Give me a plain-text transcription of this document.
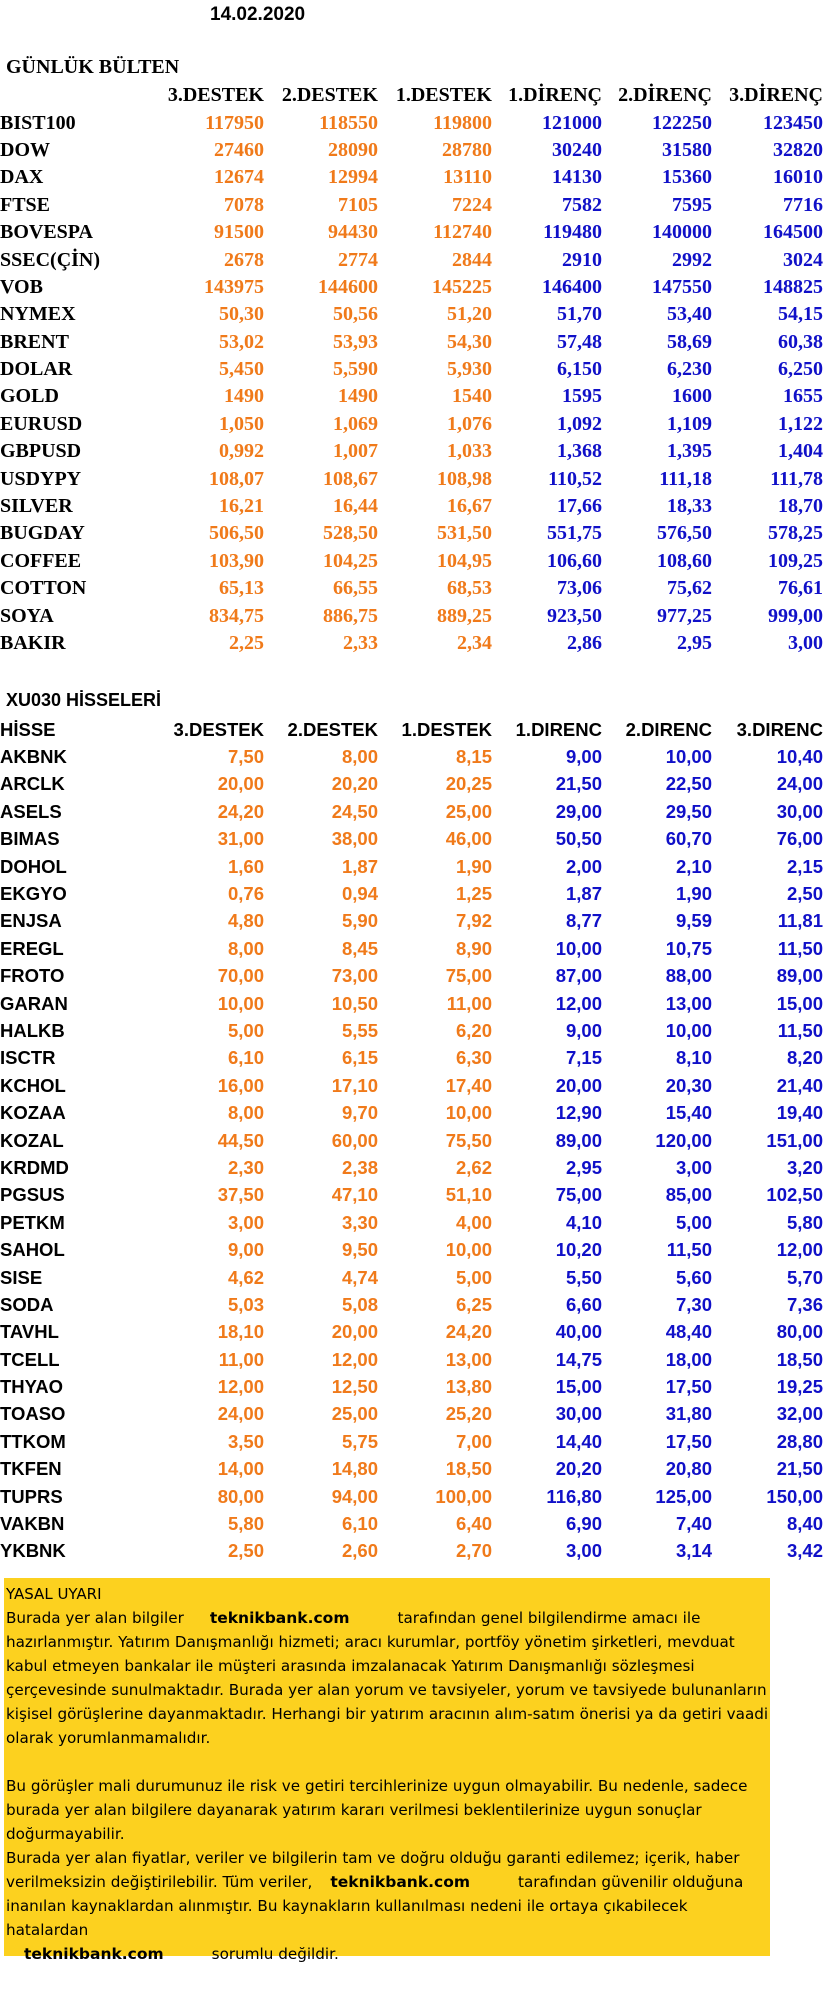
14.02.2020
GÜNLÜK BÜLTEN
	3.DESTEK	2.DESTEK	1.DESTEK	1.DİRENÇ	2.DİRENÇ	3.DİRENÇ
BIST100	117950	118550	119800	121000	122250	123450
DOW	27460	28090	28780	30240	31580	32820
DAX	12674	12994	13110	14130	15360	16010
FTSE	7078	7105	7224	7582	7595	7716
BOVESPA	91500	94430	112740	119480	140000	164500
SSEC(ÇİN)	2678	2774	2844	2910	2992	3024
VOB	143975	144600	145225	146400	147550	148825
NYMEX	50,30	50,56	51,20	51,70	53,40	54,15
BRENT	53,02	53,93	54,30	57,48	58,69	60,38
DOLAR	5,450	5,590	5,930	6,150	6,230	6,250
GOLD	1490	1490	1540	1595	1600	1655
EURUSD	1,050	1,069	1,076	1,092	1,109	1,122
GBPUSD	0,992	1,007	1,033	1,368	1,395	1,404
USDYPY	108,07	108,67	108,98	110,52	111,18	111,78
SILVER	16,21	16,44	16,67	17,66	18,33	18,70
BUGDAY	506,50	528,50	531,50	551,75	576,50	578,25
COFFEE	103,90	104,25	104,95	106,60	108,60	109,25
COTTON	65,13	66,55	68,53	73,06	75,62	76,61
SOYA	834,75	886,75	889,25	923,50	977,25	999,00
BAKIR	2,25	2,33	2,34	2,86	2,95	3,00
XU030 HİSSELERİ
HİSSE	3.DESTEK	2.DESTEK	1.DESTEK	1.DIRENC	2.DIRENC	3.DIRENC
AKBNK	7,50	8,00	8,15	9,00	10,00	10,40
ARCLK	20,00	20,20	20,25	21,50	22,50	24,00
ASELS	24,20	24,50	25,00	29,00	29,50	30,00
BIMAS	31,00	38,00	46,00	50,50	60,70	76,00
DOHOL	1,60	1,87	1,90	2,00	2,10	2,15
EKGYO	0,76	0,94	1,25	1,87	1,90	2,50
ENJSA	4,80	5,90	7,92	8,77	9,59	11,81
EREGL	8,00	8,45	8,90	10,00	10,75	11,50
FROTO	70,00	73,00	75,00	87,00	88,00	89,00
GARAN	10,00	10,50	11,00	12,00	13,00	15,00
HALKB	5,00	5,55	6,20	9,00	10,00	11,50
ISCTR	6,10	6,15	6,30	7,15	8,10	8,20
KCHOL	16,00	17,10	17,40	20,00	20,30	21,40
KOZAA	8,00	9,70	10,00	12,90	15,40	19,40
KOZAL	44,50	60,00	75,50	89,00	120,00	151,00
KRDMD	2,30	2,38	2,62	2,95	3,00	3,20
PGSUS	37,50	47,10	51,10	75,00	85,00	102,50
PETKM	3,00	3,30	4,00	4,10	5,00	5,80
SAHOL	9,00	9,50	10,00	10,20	11,50	12,00
SISE	4,62	4,74	5,00	5,50	5,60	5,70
SODA	5,03	5,08	6,25	6,60	7,30	7,36
TAVHL	18,10	20,00	24,20	40,00	48,40	80,00
TCELL	11,00	12,00	13,00	14,75	18,00	18,50
THYAO	12,00	12,50	13,80	15,00	17,50	19,25
TOASO	24,00	25,00	25,20	30,00	31,80	32,00
TTKOM	3,50	5,75	7,00	14,40	17,50	28,80
TKFEN	14,00	14,80	18,50	20,20	20,80	21,50
TUPRS	80,00	94,00	100,00	116,80	125,00	150,00
VAKBN	5,80	6,10	6,40	6,90	7,40	8,40
YKBNK	2,50	2,60	2,70	3,00	3,14	3,42

YASAL UYARI

Burada yer alan bilgiler teknikbank.com	tarafından genel bilgilendirme amacı ile

hazırlanmıştır. Yatırım Danışmanlığı hizmeti; aracı kurumlar, portföy yönetim şirketleri, mevduat

kabul etmeyen bankalar ile müşteri arasında imzalanacak Yatırım Danışmanlığı sözleşmesi

çerçevesinde sunulmaktadır. Burada yer alan yorum ve tavsiyeler, yorum ve tavsiyede bulunanların

kişisel görüşlerine dayanmaktadır. Herhangi bir yatırım aracının alım-satım önerisi ya da getiri vaadi

olarak yorumlanmamalıdır.

Bu görüşler mali durumunuz ile risk ve getiri tercihlerinize uygun olmayabilir. Bu nedenle, sadece

burada yer alan bilgilere dayanarak yatırım kararı verilmesi beklentilerinize uygun sonuçlar

doğurmayabilir.

Burada yer alan fiyatlar, veriler ve bilgilerin tam ve doğru olduğu garanti edilemez; içerik, haber

verilmeksizin değiştirilebilir. Tüm veriler, teknikbank.com	tarafından güvenilir olduğuna

inanılan kaynaklardan alınmıştır. Bu kaynakların kullanılması nedeni ile ortaya çıkabilecek hatalardan

teknikbank.com	sorumlu değildir.
